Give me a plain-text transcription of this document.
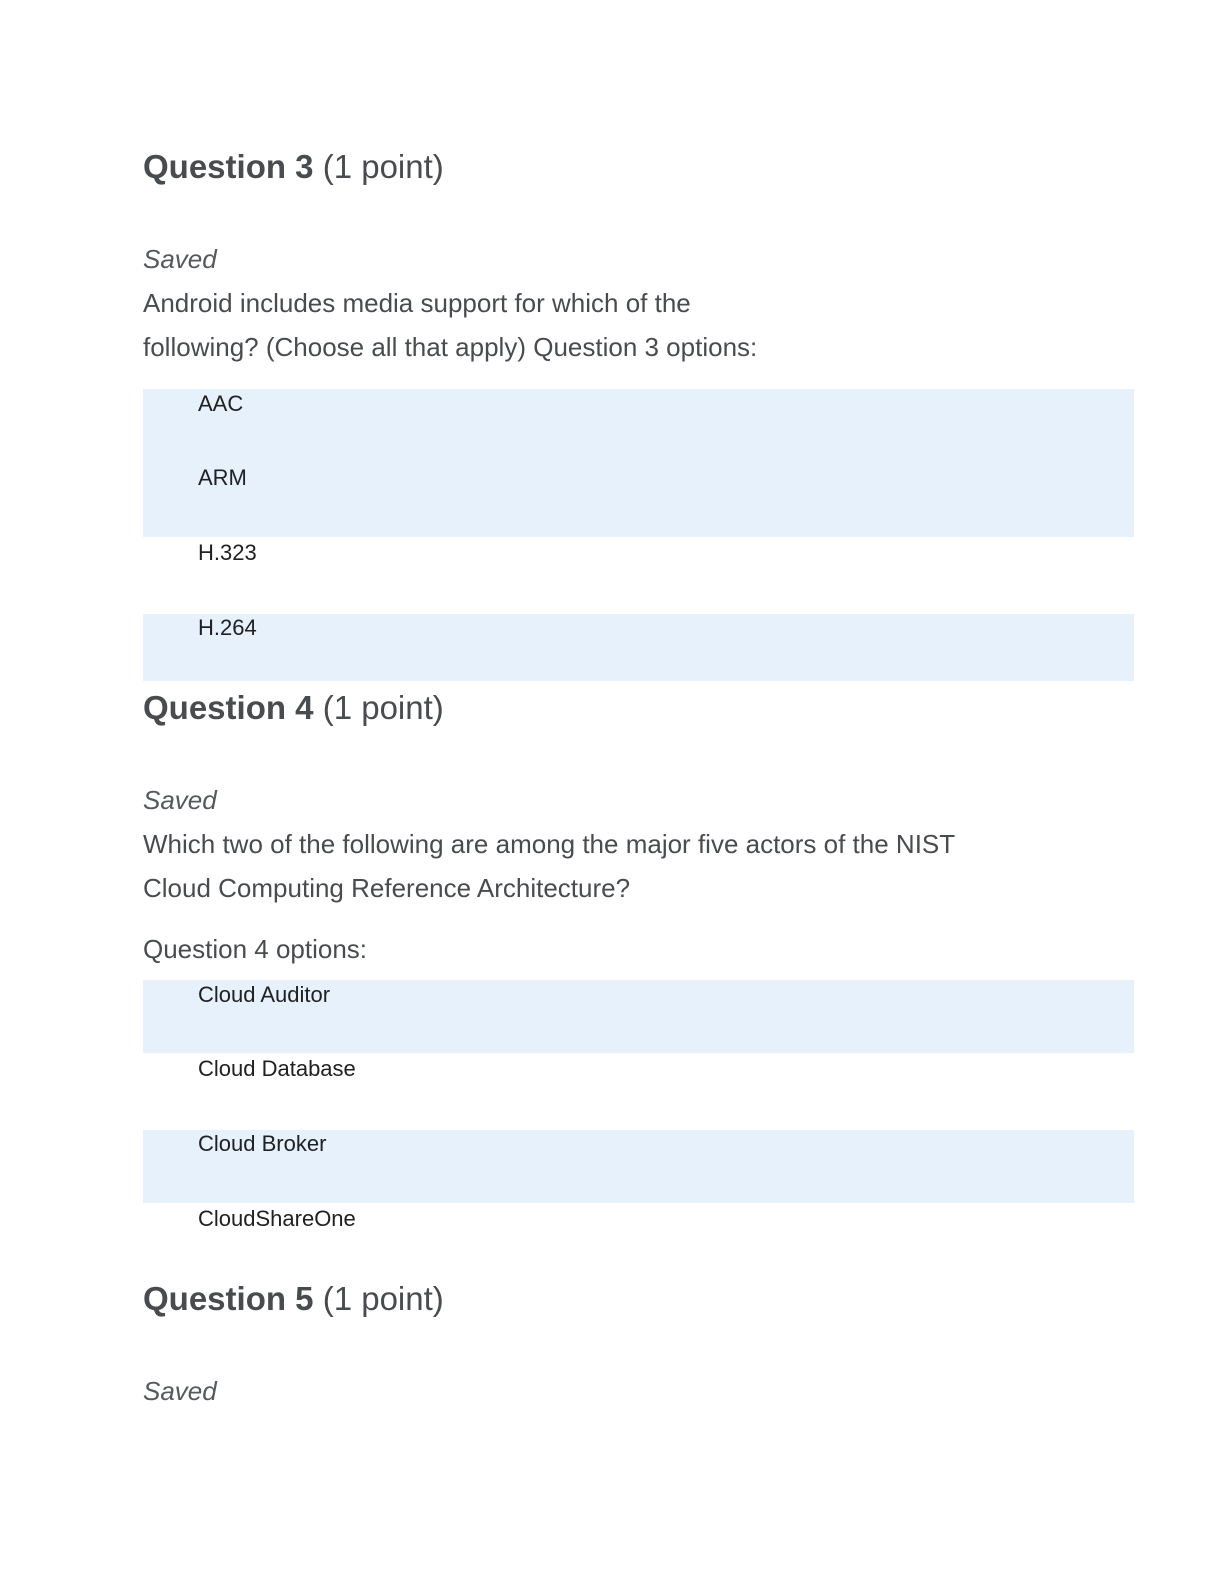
Question 3 (1 point)
Saved

Android includes media support for which of the
following? (Choose all that apply) Question 3 options:

AAC
ARM
H.323
H.264
Question 4 (1 point)
Saved

Which two of the following are among the major five actors of the NIST
Cloud Computing Reference Architecture?

Question 4 options:
Cloud Auditor
Cloud Database
Cloud Broker
CloudShareOne
Question 5 (1 point)
Saved
